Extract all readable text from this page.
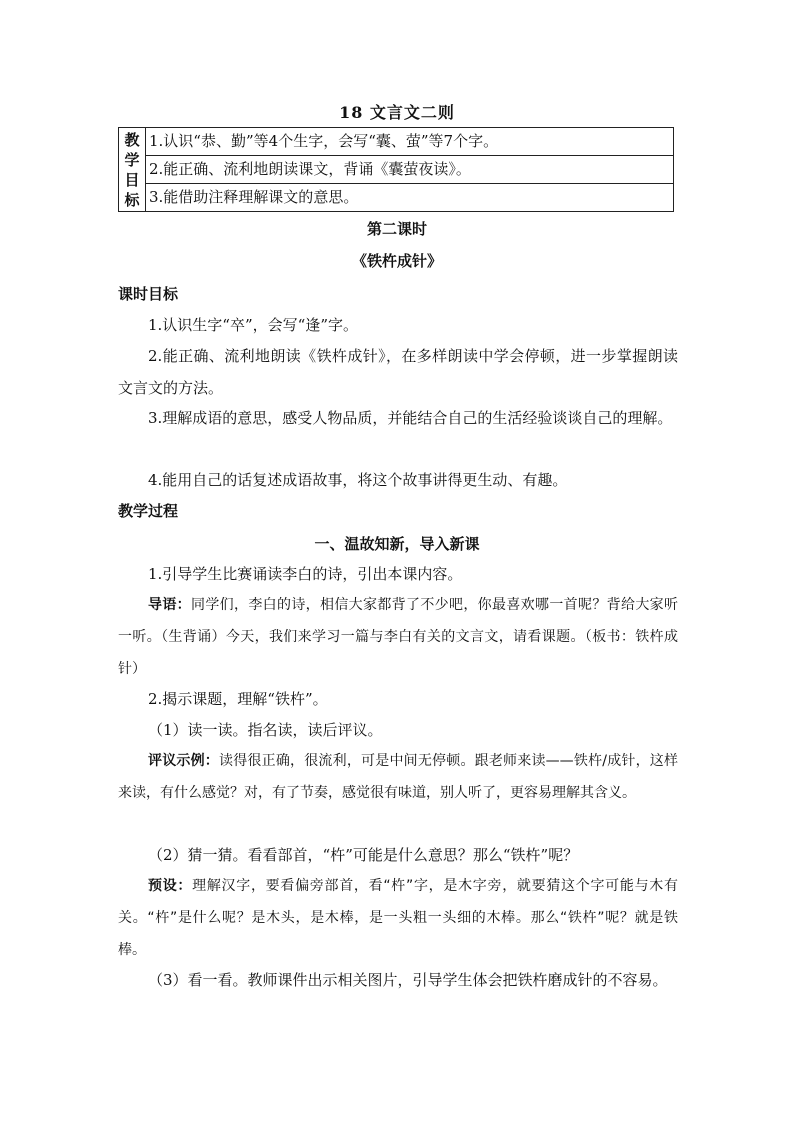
18 文言文二则
教
学
目
标
	1.认识“恭、勤”等4个生字，会写“囊、萤”等7个字。
2.能正确、流利地朗读课文，背诵《囊萤夜读》。
3.能借助注释理解课文的意思。
第二课时
《铁杵成针》
课时目标

1.认识生字“卒”，会写“逢”字。

2.能正确、流利地朗读《铁杵成针》，在多样朗读中学会停顿，进一步掌握朗读文言文的方法。

3.理解成语的意思，感受人物品质，并能结合自己的生活经验谈谈自己的理解。

4.能用自己的话复述成语故事，将这个故事讲得更生动、有趣。

教学过程
一、温故知新，导入新课

1.引导学生比赛诵读李白的诗，引出本课内容。

导语：同学们，李白的诗，相信大家都背了不少吧，你最喜欢哪一首呢？背给大家听一听。（生背诵）今天，我们来学习一篇与李白有关的文言文，请看课题。（板书：铁杵成针）

2.揭示课题，理解“铁杵”。

（1）读一读。指名读，读后评议。

评议示例：读得很正确，很流利，可是中间无停顿。跟老师来读——铁杵/成针，这样来读，有什么感觉？对，有了节奏，感觉很有味道，别人听了，更容易理解其含义。

（2）猜一猜。看看部首，“杵”可能是什么意思？那么“铁杵”呢？

预设：理解汉字，要看偏旁部首，看“杵”字，是木字旁，就要猜这个字可能与木有关。“杵”是什么呢？是木头，是木棒，是一头粗一头细的木棒。那么“铁杵”呢？就是铁棒。

（3）看一看。教师课件出示相关图片，引导学生体会把铁杵磨成针的不容易。
